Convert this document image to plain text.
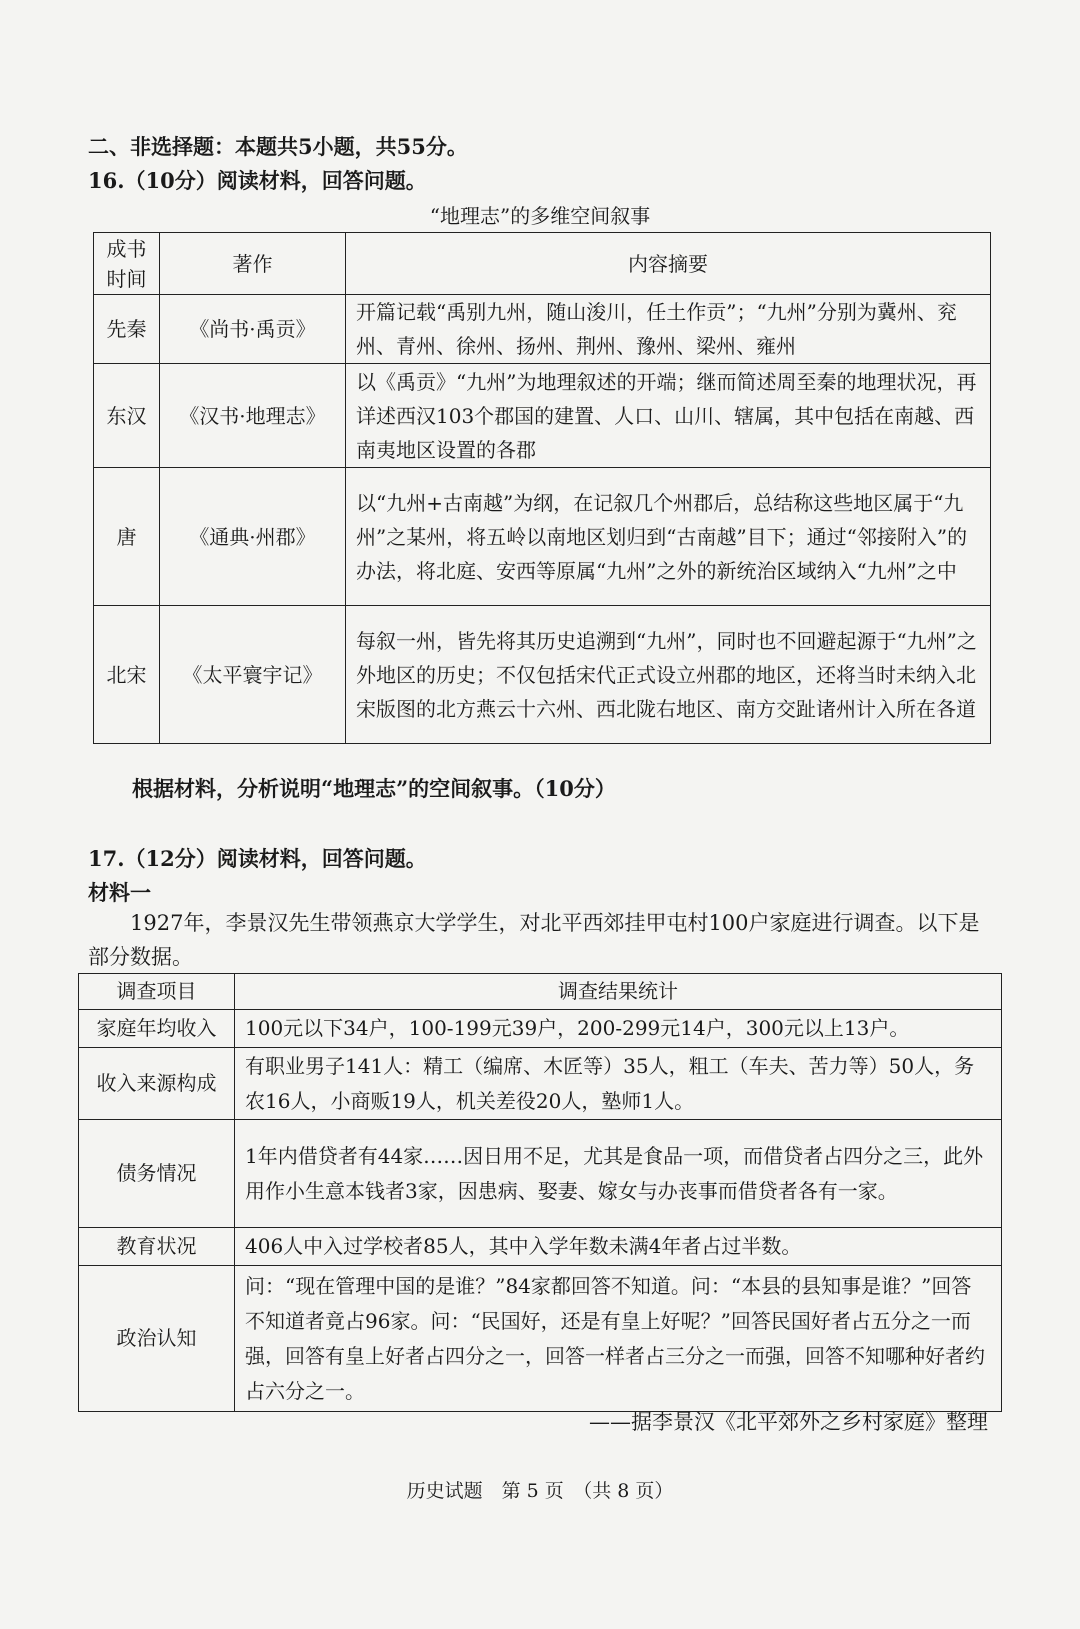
二、非选择题：本题共5小题，共55分。
16.（10分）阅读材料，回答问题。
“地理志”的多维空间叙事
成书
时间	著作	内容摘要
先秦	《尚书·禹贡》	开篇记载“禹别九州，随山浚川，任土作贡”；“九州”分别为冀州、兖州、青州、徐州、扬州、荆州、豫州、梁州、雍州
东汉	《汉书·地理志》	以《禹贡》“九州”为地理叙述的开端；继而简述周至秦的地理状况，再详述西汉103个郡国的建置、人口、山川、辖属，其中包括在南越、西南夷地区设置的各郡
唐	《通典·州郡》	以“九州+古南越”为纲，在记叙几个州郡后，总结称这些地区属于“九州”之某州，将五岭以南地区划归到“古南越”目下；通过“邻接附入”的办法，将北庭、安西等原属“九州”之外的新统治区域纳入“九州”之中
北宋	《太平寰宇记》	每叙一州，皆先将其历史追溯到“九州”，同时也不回避起源于“九州”之外地区的历史；不仅包括宋代正式设立州郡的地区，还将当时未纳入北宋版图的北方燕云十六州、西北陇右地区、南方交趾诸州计入所在各道
根据材料，分析说明“地理志”的空间叙事。（10分）
17.（12分）阅读材料，回答问题。
材料一
1927年，李景汉先生带领燕京大学学生，对北平西郊挂甲屯村100户家庭进行调查。以下是部分数据。
调查项目	调查结果统计
家庭年均收入	100元以下34户，100-199元39户，200-299元14户，300元以上13户。
收入来源构成	有职业男子141人：精工（编席、木匠等）35人，粗工（车夫、苦力等）50人，务农16人，小商贩19人，机关差役20人，塾师1人。
债务情况	1年内借贷者有44家……因日用不足，尤其是食品一项，而借贷者占四分之三，此外用作小生意本钱者3家，因患病、娶妻、嫁女与办丧事而借贷者各有一家。
教育状况	406人中入过学校者85人，其中入学年数未满4年者占过半数。
政治认知	问：“现在管理中国的是谁？”84家都回答不知道。问：“本县的县知事是谁？”回答不知道者竟占96家。问：“民国好，还是有皇上好呢？”回答民国好者占五分之一而强，回答有皇上好者占四分之一，回答一样者占三分之一而强，回答不知哪种好者约占六分之一。
——据李景汉《北平郊外之乡村家庭》整理
历史试题　第 5 页　（共 8 页）
